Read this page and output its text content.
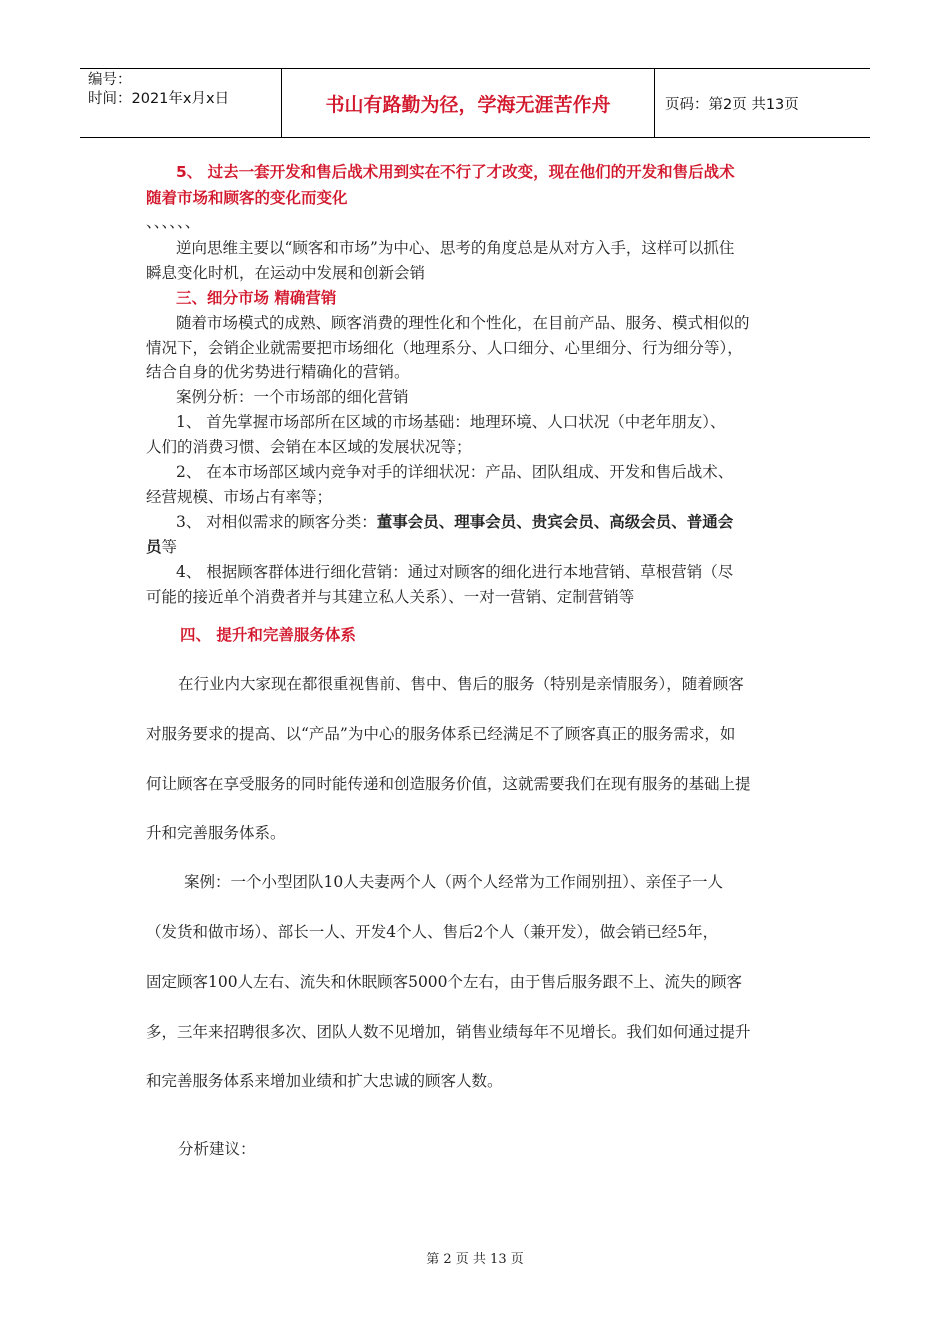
编号：
时间：2021年x月x日	书山有路勤为径，学海无涯苦作舟	页码：第2页 共13页
5、 过去一套开发和售后战术用到实在不行了才改变，现在他们的开发和售后战术
随着市场和顾客的变化而变化
、、、、、、
逆向思维主要以“顾客和市场”为中心、思考的角度总是从对方入手，这样可以抓住
瞬息变化时机，在运动中发展和创新会销
三、细分市场 精确营销
随着市场模式的成熟、顾客消费的理性化和个性化，在目前产品、服务、模式相似的
情况下，会销企业就需要把市场细化（地理系分、人口细分、心里细分、行为细分等），
结合自身的优劣势进行精确化的营销。
案例分析：一个市场部的细化营销
1、 首先掌握市场部所在区域的市场基础：地理环境、人口状况（中老年朋友）、
人们的消费习惯、会销在本区域的发展状况等；
2、 在本市场部区域内竞争对手的详细状况：产品、团队组成、开发和售后战术、
经营规模、市场占有率等；
3、 对相似需求的顾客分类：董事会员、理事会员、贵宾会员、高级会员、普通会
员等
4、 根据顾客群体进行细化营销：通过对顾客的细化进行本地营销、草根营销（尽
可能的接近单个消费者并与其建立私人关系）、一对一营销、定制营销等
四、 提升和完善服务体系
在行业内大家现在都很重视售前、售中、售后的服务（特别是亲情服务），随着顾客
对服务要求的提高、以“产品”为中心的服务体系已经满足不了顾客真正的服务需求，如
何让顾客在享受服务的同时能传递和创造服务价值，这就需要我们在现有服务的基础上提
升和完善服务体系。
案例：一个小型团队10人夫妻两个人（两个人经常为工作闹别扭）、亲侄子一人
（发货和做市场）、部长一人、开发4个人、售后2个人（兼开发），做会销已经5年，
固定顾客100人左右、流失和休眠顾客5000个左右，由于售后服务跟不上、流失的顾客
多，三年来招聘很多次、团队人数不见增加，销售业绩每年不见增长。我们如何通过提升
和完善服务体系来增加业绩和扩大忠诚的顾客人数。
分析建议：
第 2 页 共 13 页
